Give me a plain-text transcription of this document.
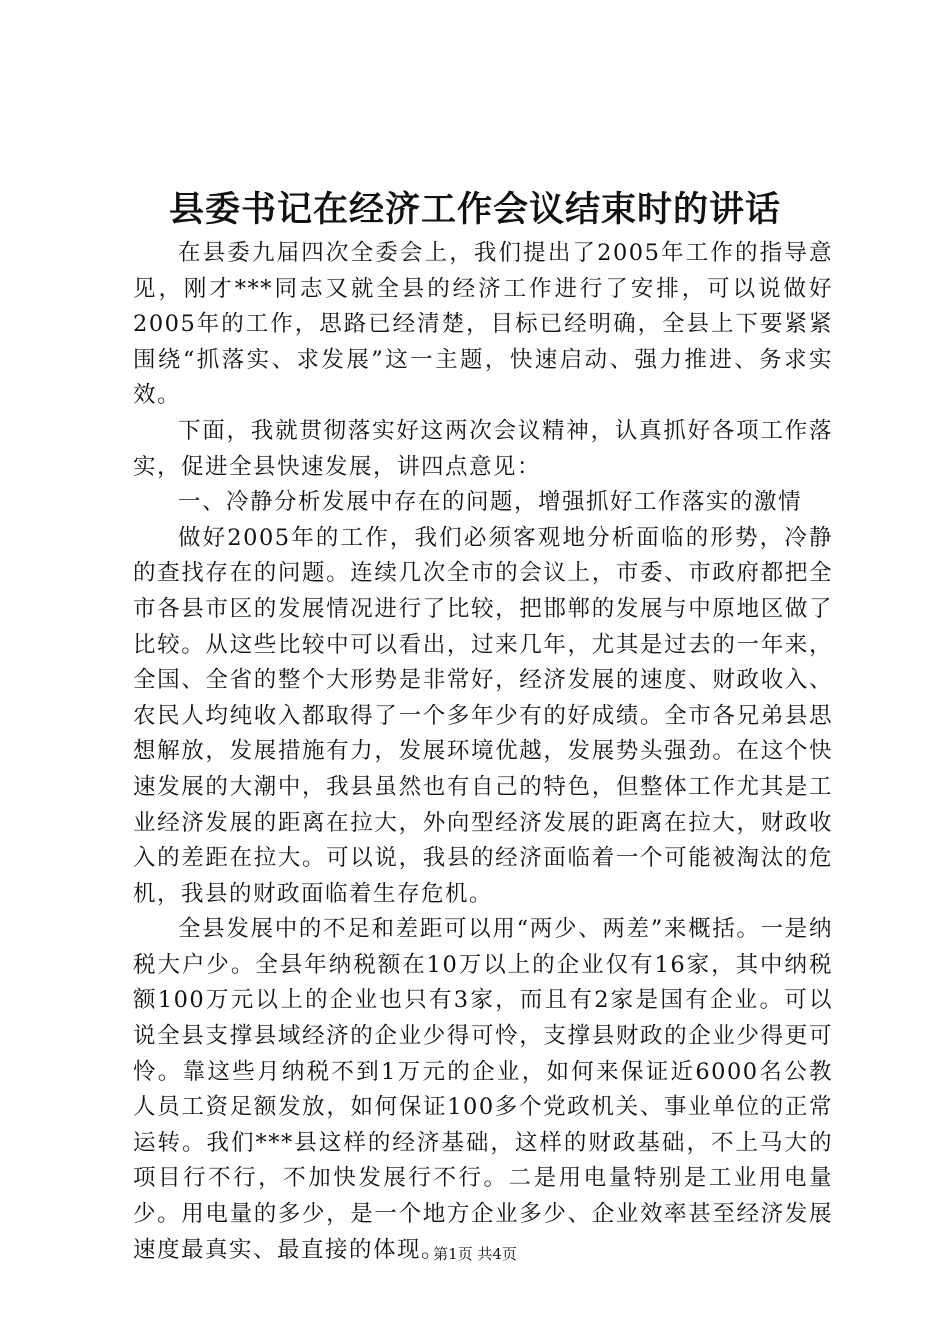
县委书记在经济工作会议结束时的讲话

在县委九届四次全委会上，我们提出了2005年工作的指导意见，刚才***同志又就全县的经济工作进行了安排，可以说做好2005年的工作，思路已经清楚，目标已经明确，全县上下要紧紧围绕“抓落实、求发展”这一主题，快速启动、强力推进、务求实效。

下面，我就贯彻落实好这两次会议精神，认真抓好各项工作落实，促进全县快速发展，讲四点意见：

一、冷静分析发展中存在的问题，增强抓好工作落实的激情

做好2005年的工作，我们必须客观地分析面临的形势，冷静的查找存在的问题。连续几次全市的会议上，市委、市政府都把全市各县市区的发展情况进行了比较，把邯郸的发展与中原地区做了比较。从这些比较中可以看出，过来几年，尤其是过去的一年来，全国、全省的整个大形势是非常好，经济发展的速度、财政收入、农民人均纯收入都取得了一个多年少有的好成绩。全市各兄弟县思想解放，发展措施有力，发展环境优越，发展势头强劲。在这个快速发展的大潮中，我县虽然也有自己的特色，但整体工作尤其是工业经济发展的距离在拉大，外向型经济发展的距离在拉大，财政收入的差距在拉大。可以说，我县的经济面临着一个可能被淘汰的危机，我县的财政面临着生存危机。

全县发展中的不足和差距可以用“两少、两差”来概括。一是纳税大户少。全县年纳税额在10万以上的企业仅有16家，其中纳税额100万元以上的企业也只有3家，而且有2家是国有企业。可以说全县支撑县域经济的企业少得可怜，支撑县财政的企业少得更可怜。靠这些月纳税不到1万元的企业，如何来保证近6000名公教人员工资足额发放，如何保证100多个党政机关、事业单位的正常运转。我们***县这样的经济基础，这样的财政基础，不上马大的项目行不行，不加快发展行不行。二是用电量特别是工业用电量少。用电量的多少，是一个地方企业多少、企业效率甚至经济发展速度最真实、最直接的体现。

第1页 共4页
